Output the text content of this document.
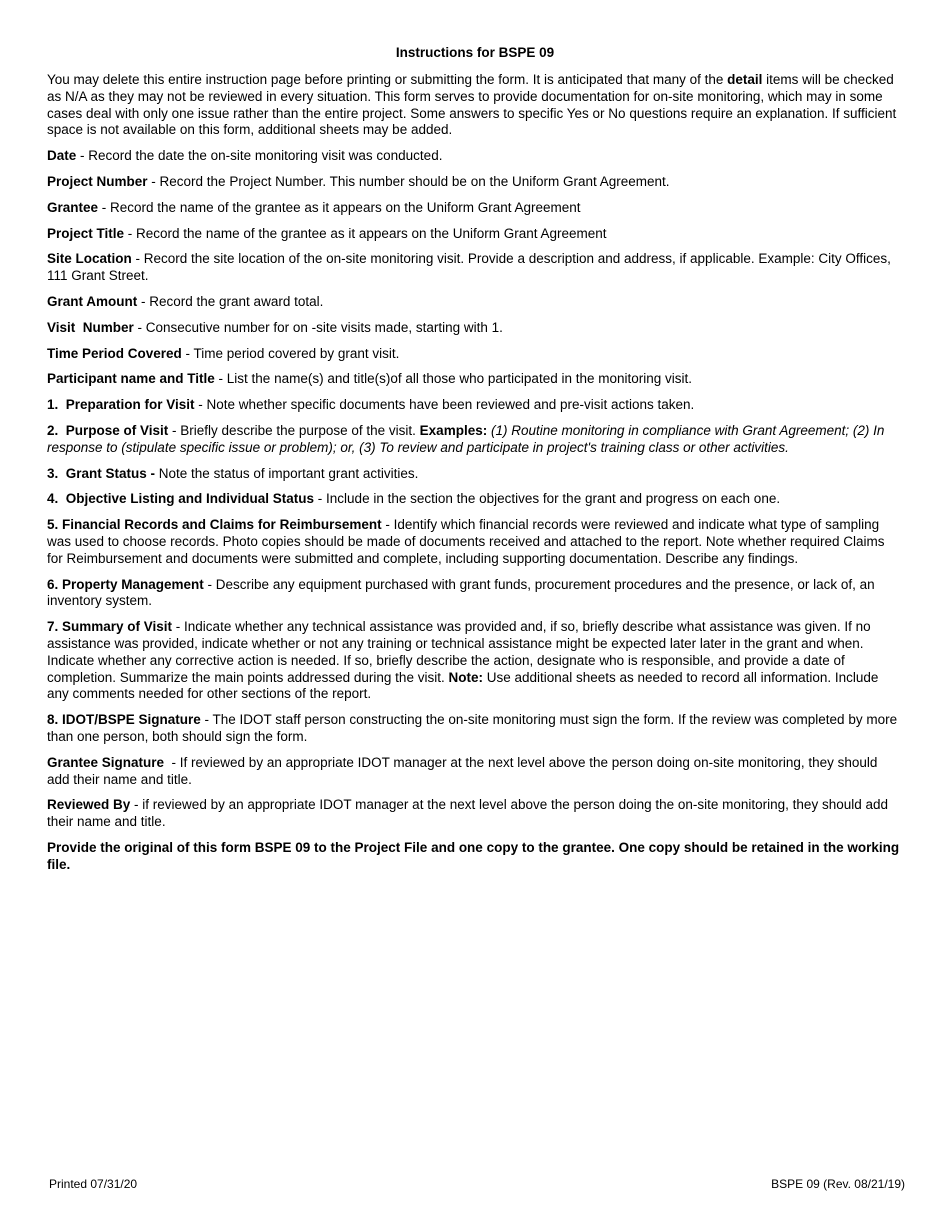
Instructions for BSPE 09

You may delete this entire instruction page before printing or submitting the form. It is anticipated that many of the detail items will be checked as N/A as they may not be reviewed in every situation. This form serves to provide documentation for on-site monitoring, which may in some cases deal with only one issue rather than the entire project. Some answers to specific Yes or No questions require an explanation. If sufficient space is not available on this form, additional sheets may be added.

Date - Record the date the on-site monitoring visit was conducted.

Project Number - Record the Project Number. This number should be on the Uniform Grant Agreement.

Grantee - Record the name of the grantee as it appears on the Uniform Grant Agreement

Project Title - Record the name of the grantee as it appears on the Uniform Grant Agreement

Site Location - Record the site location of the on-site monitoring visit. Provide a description and address, if applicable. Example: City Offices, 111 Grant Street.

Grant Amount - Record the grant award total.

Visit  Number - Consecutive number for on -site visits made, starting with 1.

Time Period Covered - Time period covered by grant visit.

Participant name and Title - List the name(s) and title(s)of all those who participated in the monitoring visit.

1.  Preparation for Visit - Note whether specific documents have been reviewed and pre-visit actions taken.

2.  Purpose of Visit - Briefly describe the purpose of the visit. Examples: (1) Routine monitoring in compliance with Grant Agreement; (2) In response to (stipulate specific issue or problem); or, (3) To review and participate in project's training class or other activities.

3.  Grant Status - Note the status of important grant activities.

4.  Objective Listing and Individual Status - Include in the section the objectives for the grant and progress on each one.

5. Financial Records and Claims for Reimbursement - Identify which financial records were reviewed and indicate what type of sampling was used to choose records. Photo copies should be made of documents received and attached to the report. Note whether required Claims for Reimbursement and documents were submitted and complete, including supporting documentation. Describe any findings.

6. Property Management - Describe any equipment purchased with grant funds, procurement procedures and the presence, or lack of, an inventory system.

7. Summary of Visit - Indicate whether any technical assistance was provided and, if so, briefly describe what assistance was given. If no assistance was provided, indicate whether or not any training or technical assistance might be expected later later in the grant and when. Indicate whether any corrective action is needed. If so, briefly describe the action, designate who is responsible, and provide a date of completion. Summarize the main points addressed during the visit. Note: Use additional sheets as needed to record all information. Include any comments needed for other sections of the report.

8. IDOT/BSPE Signature - The IDOT staff person constructing the on-site monitoring must sign the form. If the review was completed by more than one person, both should sign the form.

Grantee Signature  - If reviewed by an appropriate IDOT manager at the next level above the person doing on-site monitoring, they should add their name and title.

Reviewed By - if reviewed by an appropriate IDOT manager at the next level above the person doing the on-site monitoring, they should add their name and title.

Provide the original of this form BSPE 09 to the Project File and one copy to the grantee. One copy should be retained in the working file.

Printed 07/31/20	BSPE 09 (Rev. 08/21/19)
